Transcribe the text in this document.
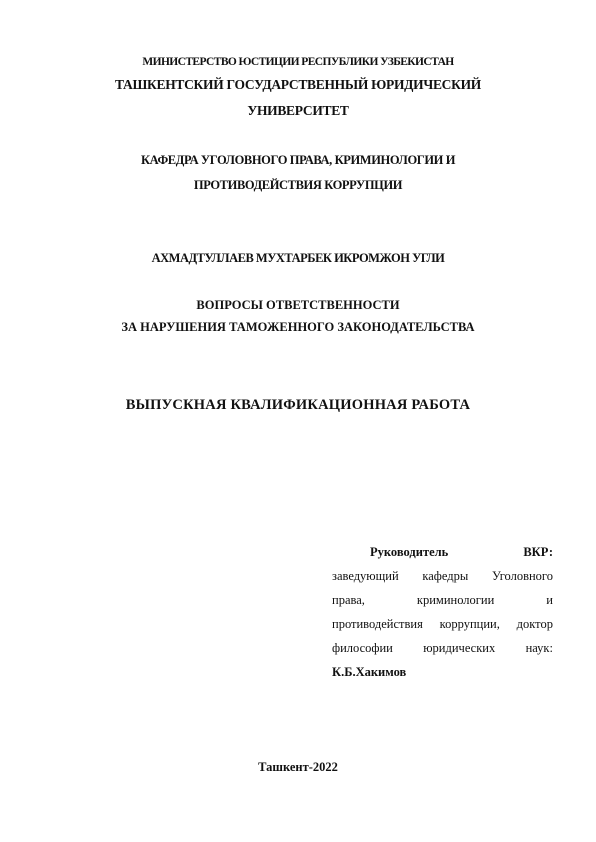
МИНИСТЕРСТВО ЮСТИЦИИ РЕСПУБЛИКИ УЗБЕКИСТАН
ТАШКЕНТСКИЙ ГОСУДАРСТВЕННЫЙ ЮРИДИЧЕСКИЙ
УНИВЕРСИТЕТ
КАФЕДРА УГОЛОВНОГО ПРАВА, КРИМИНОЛОГИИ И
ПРОТИВОДЕЙСТВИЯ КОРРУПЦИИ
АХМАДТУЛЛАЕВ МУХТАРБЕК ИКРОМЖОН УГЛИ
ВОПРОСЫ ОТВЕТСТВЕННОСТИ
ЗА НАРУШЕНИЯ ТАМОЖЕННОГО ЗАКОНОДАТЕЛЬСТВА
ВЫПУСКНАЯ КВАЛИФИКАЦИОННАЯ РАБОТА
Руководитель	ВКР:
заведующий кафедры Уголовного
права,	криминологии	и
противодействия коррупции, доктор
философии юридических наук:
К.Б.Хакимов
Ташкент-2022
